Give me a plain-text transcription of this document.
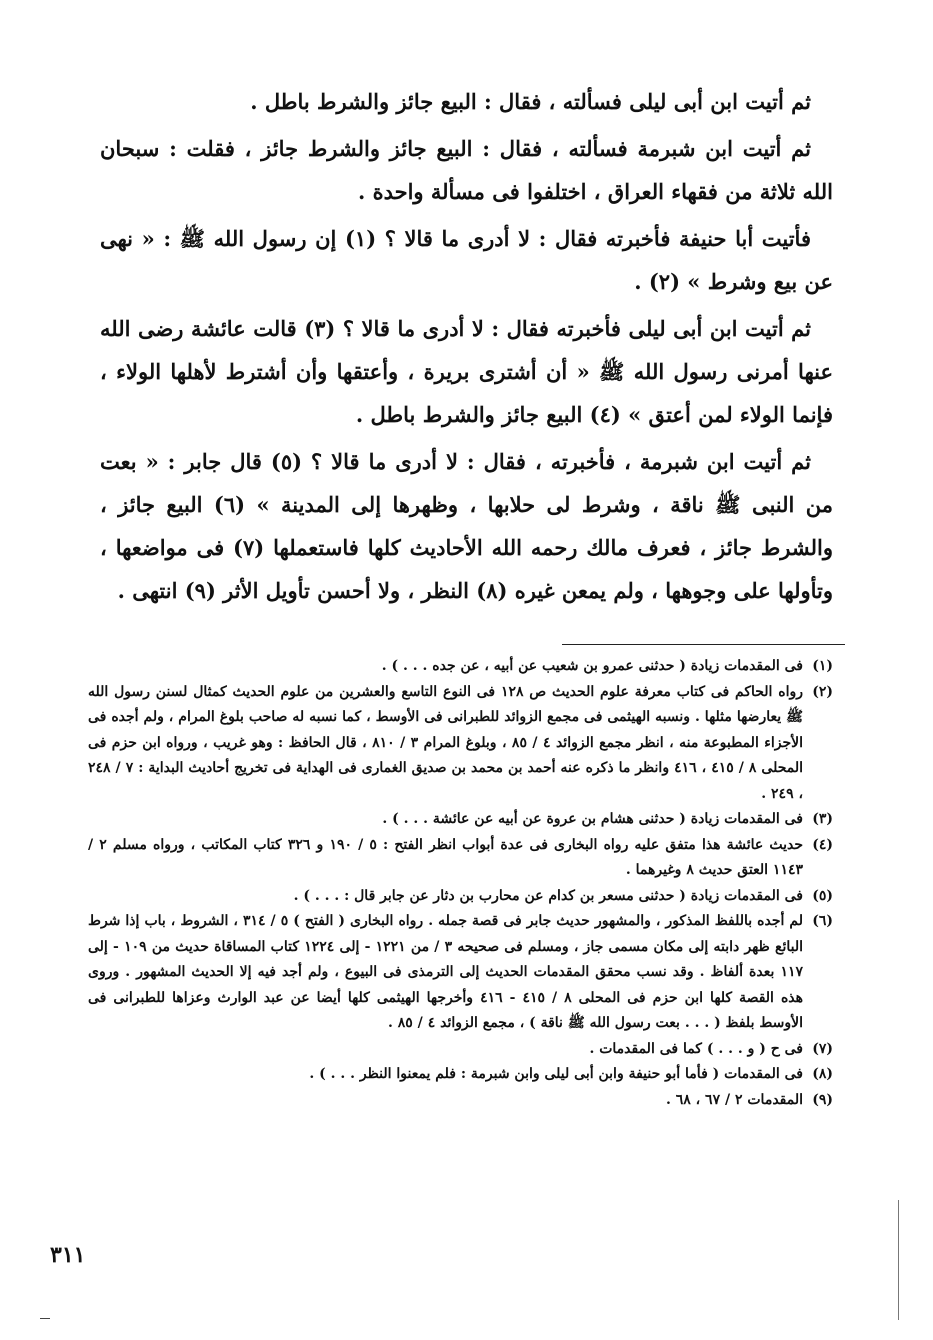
ثم أتيت ابن أبى ليلى فسألته ، فقال : البيع جائز والشرط باطل .

ثم أتيت ابن شبرمة فسألته ، فقال : البيع جائز والشرط جائز ، فقلت : سبحان الله ثلاثة من فقهاء العراق ، اختلفوا فى مسألة واحدة .

فأتيت أبا حنيفة فأخبرته فقال : لا أدرى ما قالا ؟ (١) إن رسول الله ﷺ : « نهى عن بيع وشرط » (٢) .

ثم أتيت ابن أبى ليلى فأخبرته فقال : لا أدرى ما قالا ؟ (٣) قالت عائشة رضى الله عنها أمرنى رسول الله ﷺ « أن أشترى بريرة ، وأعتقها وأن أشترط لأهلها الولاء ، فإنما الولاء لمن أعتق » (٤) البيع جائز والشرط باطل .

ثم أتيت ابن شبرمة ، فأخبرته ، فقال : لا أدرى ما قالا ؟ (٥) قال جابر : « بعت من النبى ﷺ ناقة ، وشرط لى حلابها ، وظهرها إلى المدينة » (٦) البيع جائز ، والشرط جائز ، فعرف مالك رحمه الله الأحاديث كلها فاستعملها (٧) فى مواضعها ، وتأولها على وجوهها ، ولم يمعن غيره (٨) النظر ، ولا أحسن تأويل الأثر (٩) انتهى .

(١)
فى المقدمات زيادة ( حدثنى عمرو بن شعيب عن أبيه ، عن جده . . . ) .
(٢)
رواه الحاكم فى كتاب معرفة علوم الحديث ص ١٢٨ فى النوع التاسع والعشرين من علوم الحديث كمثال لسنن رسول الله ﷺ يعارضها مثلها . ونسبه الهيثمى فى مجمع الزوائد للطبرانى فى الأوسط ، كما نسبه له صاحب بلوغ المرام ، ولم أجده فى الأجزاء المطبوعة منه ، انظر مجمع الزوائد ٤ / ٨٥ ، وبلوغ المرام ٣ / ٨١٠ ، قال الحافظ : وهو غريب ، ورواه ابن حزم فى المحلى ٨ / ٤١٥ ، ٤١٦ وانظر ما ذكره عنه أحمد بن محمد بن صديق الغمارى فى الهداية فى تخريج أحاديث البداية : ٧ / ٢٤٨ ، ٢٤٩ .
(٣)
فى المقدمات زيادة ( حدثنى هشام بن عروة عن أبيه عن عائشة . . . ) .
(٤)
حديث عائشة هذا متفق عليه رواه البخارى فى عدة أبواب انظر الفتح : ٥ / ١٩٠ و ٣٢٦ كتاب المكاتب ، ورواه مسلم ٢ / ١١٤٣ العتق حديث ٨ وغيرهما .
(٥)
فى المقدمات زيادة ( حدثنى مسعر بن كدام عن محارب بن دثار عن جابر قال : . . . ) .
(٦)
لم أجده باللفظ المذكور ، والمشهور حديث جابر فى قصة جمله . رواه البخارى ( الفتح ) ٥ / ٣١٤ ، الشروط ، باب إذا شرط البائع ظهر دابته إلى مكان مسمى جاز ، ومسلم فى صحيحه ٣ / من ١٢٢١ - إلى ١٢٢٤ كتاب المساقاة حديث من ١٠٩ - إلى ١١٧ بعدة ألفاظ . وقد نسب محقق المقدمات الحديث إلى الترمذى فى البيوع ، ولم أجد فيه إلا الحديث المشهور . وروى هذه القصة كلها ابن حزم فى المحلى ٨ / ٤١٥ - ٤١٦ وأخرجها الهيثمى كلها أيضا عن عبد الوارث وعزاها للطبرانى فى الأوسط بلفظ ( . . . بعت رسول الله ﷺ ناقة ) ، مجمع الزوائد ٤ / ٨٥ .
(٧)
فى ح ( و . . . ) كما فى المقدمات .
(٨)
فى المقدمات ( فأما أبو حنيفة وابن أبى ليلى وابن شبرمة : فلم يمعنوا النظر . . . ) .
(٩)
المقدمات ٢ / ٦٧ ، ٦٨ .
٣١١
